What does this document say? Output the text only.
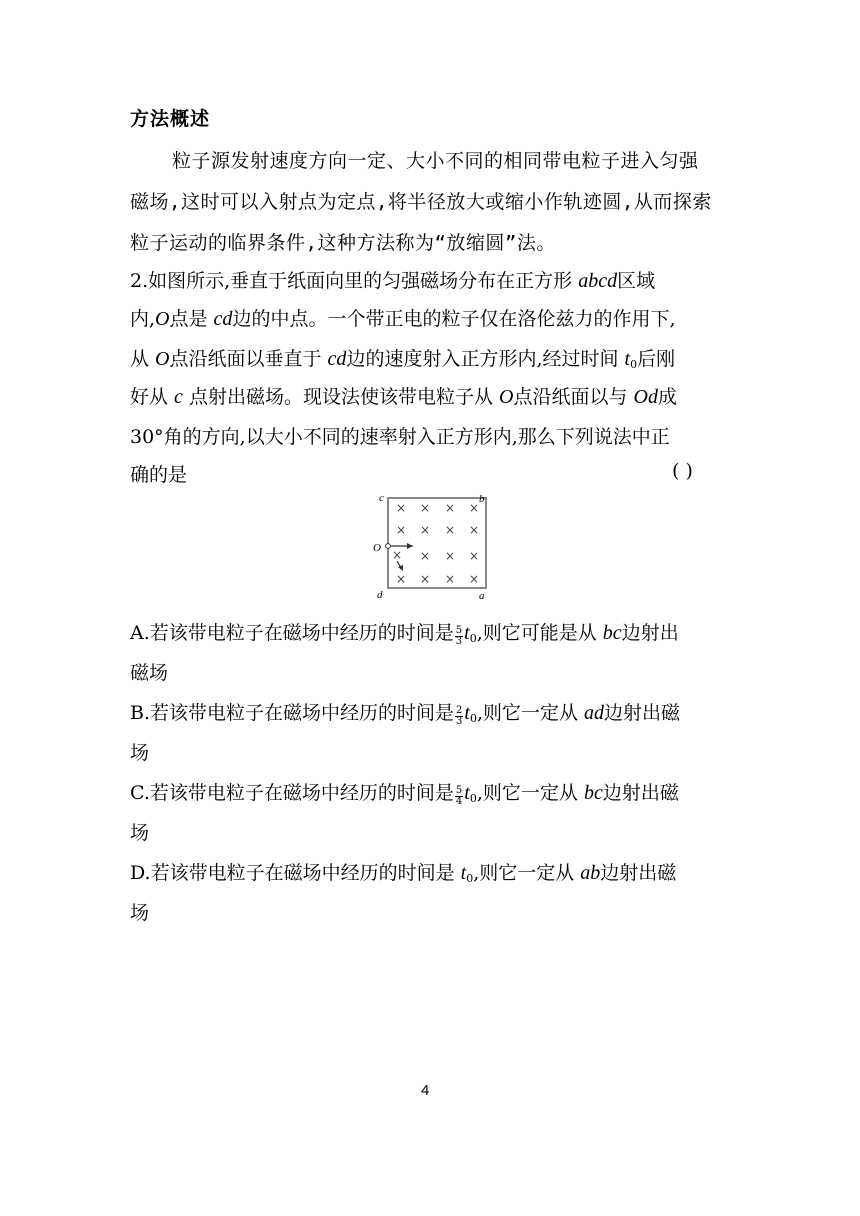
方法概述
粒子源发射速度方向一定、大小不同的相同带电粒子进入匀强
磁场,这时可以入射点为定点,将半径放大或缩小作轨迹圆,从而探索
粒子运动的临界条件,这种方法称为“放缩圆”法。
2.如图所示,垂直于纸面向里的匀强磁场分布在正方形 abcd区域
内,O点是 cd边的中点。一个带正电的粒子仅在洛伦兹力的作用下,
从 O点沿纸面以垂直于 cd边的速度射入正方形内,经过时间 $t_0$后刚
好从 c 点射出磁场。现设法使该带电粒子从 O点沿纸面以与 Od成
30°角的方向,以大小不同的速率射入正方形内,那么下列说法中正
确的是	( )
× × × ×
× × × ×
× × ×
× × × ×
×
c	b
O
d	a
A.若该带电粒子在磁场中经历的时间是 $\frac{5}{3} t_0$,则它可能是从 bc边射出
磁场
B.若该带电粒子在磁场中经历的时间是 $\frac{2}{3} t_0$,则它一定从 ad边射出磁
场
C.若该带电粒子在磁场中经历的时间是 $\frac{5}{4} t_0$,则它一定从 bc边射出磁
场
D.若该带电粒子在磁场中经历的时间是 $t_0$,则它一定从 ab边射出磁
场
4
